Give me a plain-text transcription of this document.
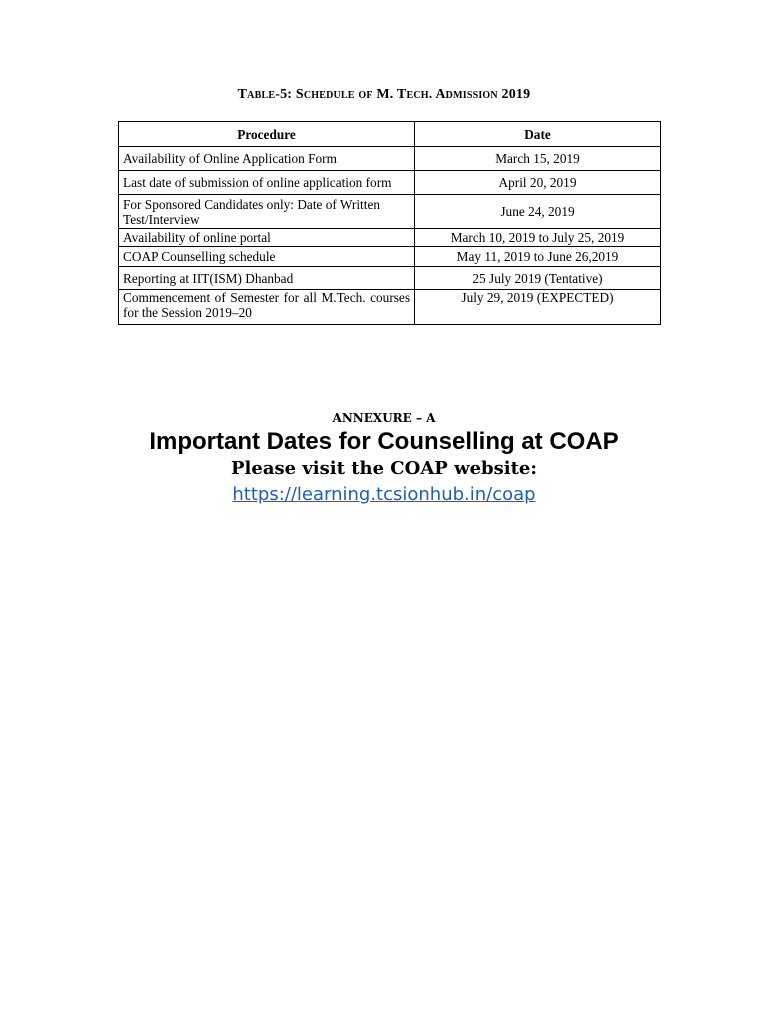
Table-5: Schedule of M. Tech. Admission 2019
Procedure	Date
Availability of Online Application Form	March 15, 2019
Last date of submission of online application form	April 20, 2019
For Sponsored Candidates only: Date of Written Test/Interview	June 24, 2019
Availability of online portal	March 10, 2019 to July 25, 2019
COAP Counselling schedule	May 11, 2019 to June 26,2019
Reporting at IIT(ISM) Dhanbad	25 July 2019 (Tentative)
Commencement of Semester for all M.Tech. courses for the Session 2019–20	July 29, 2019 (EXPECTED)
ANNEXURE – A
Important Dates for Counselling at COAP
Please visit the COAP website:
https://learning.tcsionhub.in/coap
